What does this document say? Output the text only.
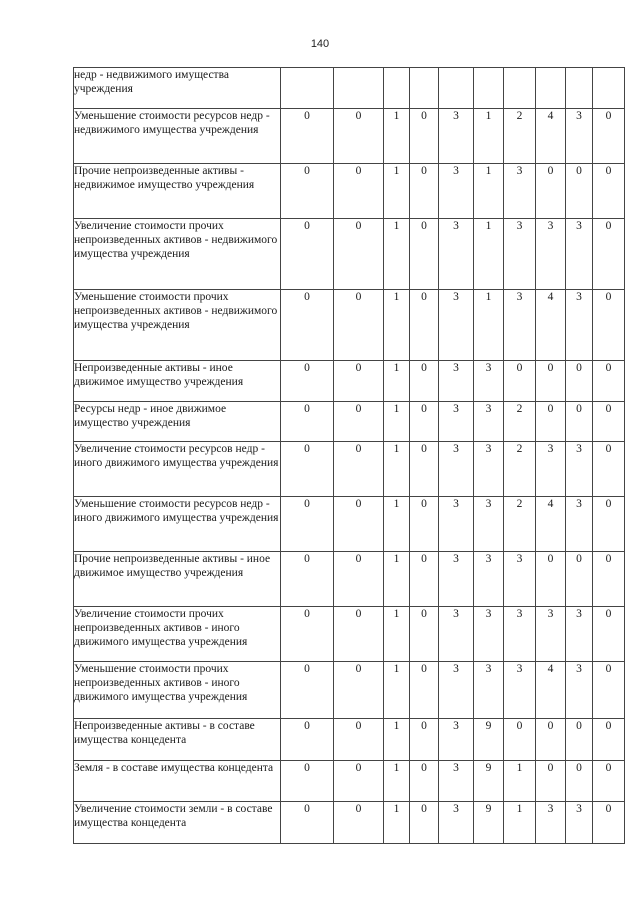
140
недр - недвижимого имущества учреждения										
Уменьшение стоимости ресурсов недр - недвижимого имущества учреждения	0	0	1	0	3	1	2	4	3	0
Прочие непроизведенные активы - недвижимое имущество учреждения	0	0	1	0	3	1	3	0	0	0
Увеличение стоимости прочих непроизведенных активов - недвижимого имущества учреждения	0	0	1	0	3	1	3	3	3	0
Уменьшение стоимости прочих непроизведенных активов - недвижимого имущества учреждения	0	0	1	0	3	1	3	4	3	0
Непроизведенные активы - иное движимое имущество учреждения	0	0	1	0	3	3	0	0	0	0
Ресурсы недр - иное движимое имущество учреждения	0	0	1	0	3	3	2	0	0	0
Увеличение стоимости ресурсов недр - иного движимого имущества учреждения	0	0	1	0	3	3	2	3	3	0
Уменьшение стоимости ресурсов недр - иного движимого имущества учреждения	0	0	1	0	3	3	2	4	3	0
Прочие непроизведенные активы - иное движимое имущество учреждения	0	0	1	0	3	3	3	0	0	0
Увеличение стоимости прочих непроизведенных активов - иного движимого имущества учреждения	0	0	1	0	3	3	3	3	3	0
Уменьшение стоимости прочих непроизведенных активов - иного движимого имущества учреждения	0	0	1	0	3	3	3	4	3	0
Непроизведенные активы - в составе имущества концедента	0	0	1	0	3	9	0	0	0	0
Земля - в составе имущества концедента	0	0	1	0	3	9	1	0	0	0
Увеличение стоимости земли - в составе имущества концедента	0	0	1	0	3	9	1	3	3	0
